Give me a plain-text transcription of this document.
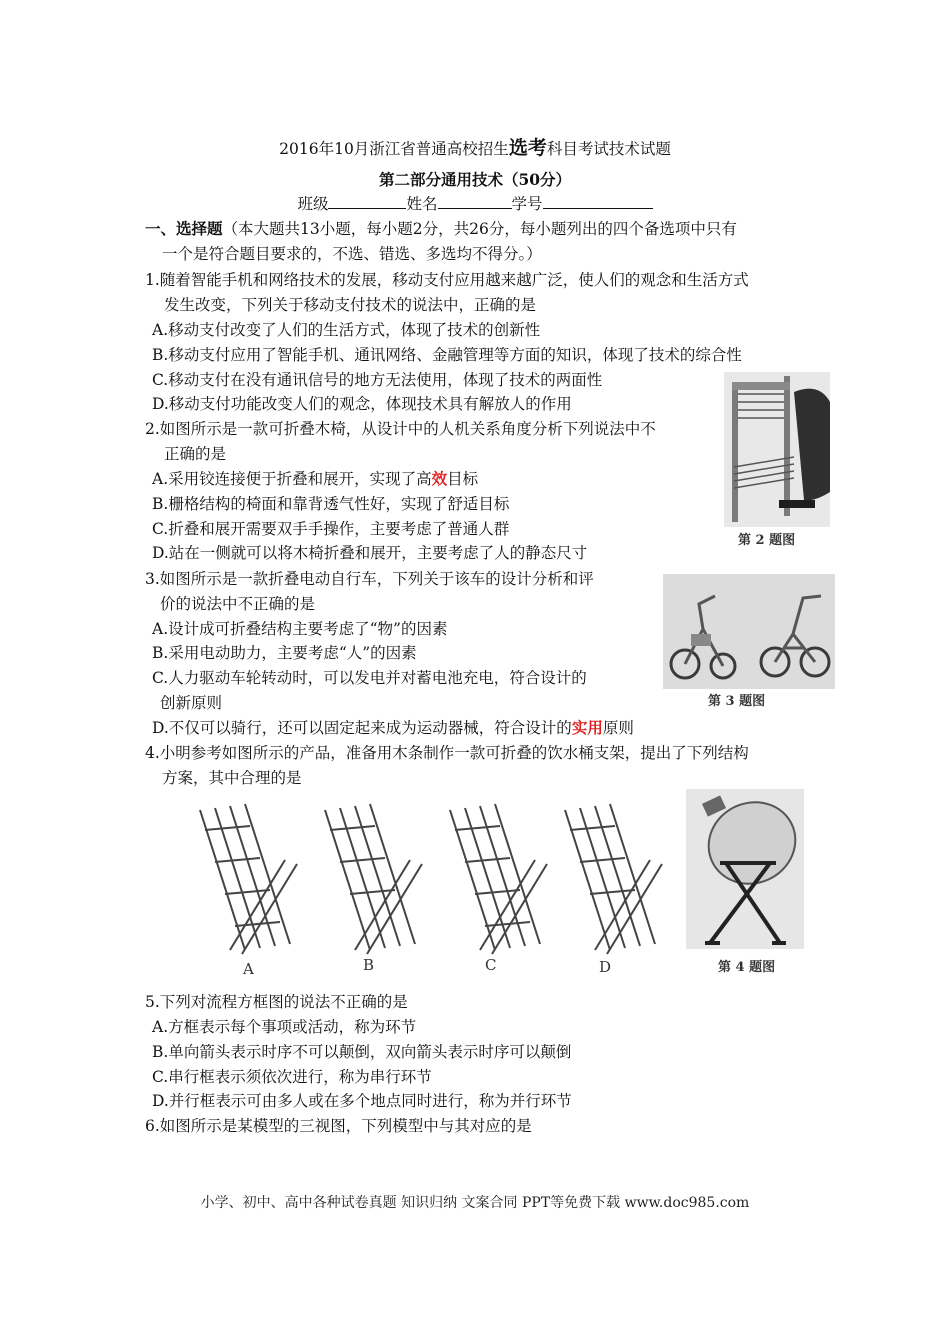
2016年10月浙江省普通高校招生选考科目考试技术试题
第二部分通用技术（50分）
班级	姓名	学号
一、选择题（本大题共13小题，每小题2分，共26分，每小题列出的四个备选项中只有
一个是符合题目要求的，不选、错选、多选均不得分。）
1.随着智能手机和网络技术的发展，移动支付应用越来越广泛，使人们的观念和生活方式
发生改变，下列关于移动支付技术的说法中，正确的是
A.移动支付改变了人们的生活方式，体现了技术的创新性
B.移动支付应用了智能手机、通讯网络、金融管理等方面的知识，体现了技术的综合性
C.移动支付在没有通讯信号的地方无法使用，体现了技术的两面性
D.移动支付功能改变人们的观念，体现技术具有解放人的作用
2.如图所示是一款可折叠木椅，从设计中的人机关系角度分析下列说法中不
正确的是
A.采用铰连接便于折叠和展开，实现了高效目标
B.栅格结构的椅面和靠背透气性好，实现了舒适目标
C.折叠和展开需要双手手操作，主要考虑了普通人群
D.站在一侧就可以将木椅折叠和展开，主要考虑了人的静态尺寸
第 2 题图
3.如图所示是一款折叠电动自行车，下列关于该车的设计分析和评
价的说法中不正确的是
A.设计成可折叠结构主要考虑了“物”的因素
B.采用电动助力，主要考虑“人”的因素
C.人力驱动车轮转动时，可以发电并对蓄电池充电，符合设计的
创新原则
D.不仅可以骑行，还可以固定起来成为运动器械，符合设计的实用原则
第 3 题图
4.小明参考如图所示的产品，准备用木条制作一款可折叠的饮水桶支架，提出了下列结构
方案，其中合理的是
A	B	C	D	第 4 题图
5.下列对流程方框图的说法不正确的是
A.方框表示每个事项或活动，称为环节
B.单向箭头表示时序不可以颠倒，双向箭头表示时序可以颠倒
C.串行框表示须依次进行，称为串行环节
D.并行框表示可由多人或在多个地点同时进行，称为并行环节
6.如图所示是某模型的三视图，下列模型中与其对应的是
小学、初中、高中各种试卷真题 知识归纳 文案合同 PPT等免费下载 www.doc985.com
